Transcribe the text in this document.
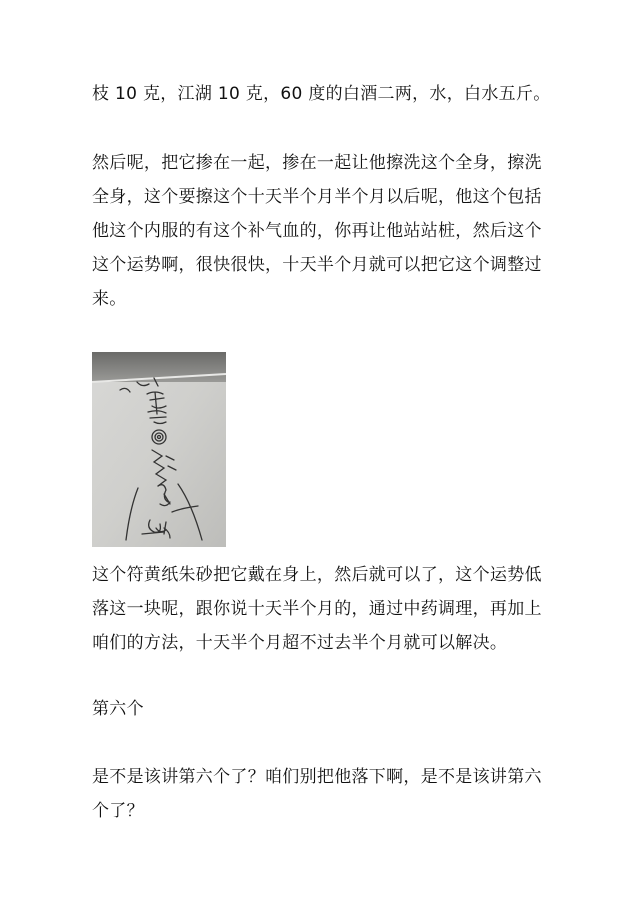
枝 10 克，江湖 10 克，60 度的白酒二两，水，白水五斤。
然后呢，把它掺在一起，掺在一起让他擦洗这个全身，擦洗
全身，这个要擦这个十天半个月半个月以后呢，他这个包括
他这个内服的有这个补气血的，你再让他站站桩，然后这个
这个运势啊，很快很快，十天半个月就可以把它这个调整过
来。
这个符黄纸朱砂把它戴在身上，然后就可以了，这个运势低
落这一块呢，跟你说十天半个月的，通过中药调理，再加上
咱们的方法，十天半个月超不过去半个月就可以解决。
第六个
是不是该讲第六个了？咱们别把他落下啊，是不是该讲第六
个了？
